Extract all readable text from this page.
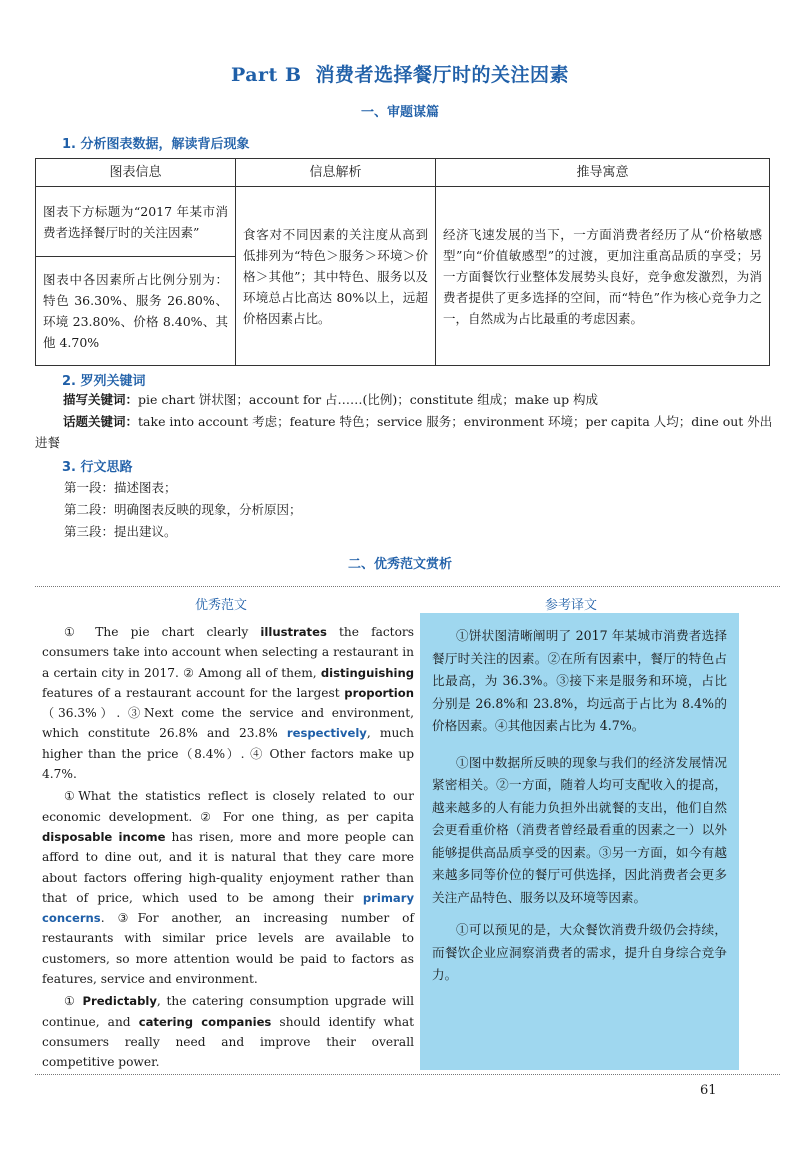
Part B 消费者选择餐厅时的关注因素
一、审题谋篇
1. 分析图表数据，解读背后现象
图表信息	信息解析	推导寓意
图表下方标题为“2017 年某市消费者选择餐厅时的关注因素”	食客对不同因素的关注度从高到低排列为“特色＞服务＞环境＞价格＞其他”；其中特色、服务以及环境总占比高达 80%以上，远超价格因素占比。	经济飞速发展的当下，一方面消费者经历了从“价格敏感型”向“价值敏感型”的过渡，更加注重高品质的享受；另一方面餐饮行业整体发展势头良好，竞争愈发激烈，为消费者提供了更多选择的空间，而“特色”作为核心竞争力之一，自然成为占比最重的考虑因素。
图表中各因素所占比例分别为：特色 36.30%、服务 26.80%、环境 23.80%、价格 8.40%、其他 4.70%		
2. 罗列关键词
描写关键词：pie chart 饼状图；account for 占……(比例)；constitute 组成；make up 构成
话题关键词：take into account 考虑；feature 特色；service 服务；environment 环境；per capita 人均；dine out 外出进餐
3. 行文思路
第一段：描述图表；
第二段：明确图表反映的现象，分析原因；
第三段：提出建议。
二、优秀范文赏析
优秀范文	参考译文

① The pie chart clearly illustrates the factors consumers take into account when selecting a restaurant in a certain city in 2017. ② Among all of them, distinguishing features of a restaurant account for the largest proportion（36.3%）. ③Next come the service and environment, which constitute 26.8% and 23.8% respectively, much higher than the price（8.4%）. ④ Other factors make up 4.7%.

①What the statistics reflect is closely related to our economic development. ② For one thing, as per capita disposable income has risen, more and more people can afford to dine out, and it is natural that they care more about factors offering high-quality enjoyment rather than that of price, which used to be among their primary concerns. ③For another, an increasing number of restaurants with similar price levels are available to customers, so more attention would be paid to factors as features, service and environment.

① Predictably, the catering consumption upgrade will continue, and catering companies should identify what consumers really need and improve their overall competitive power.

①饼状图清晰阐明了 2017 年某城市消费者选择餐厅时关注的因素。②在所有因素中，餐厅的特色占比最高，为 36.3%。③接下来是服务和环境，占比分别是 26.8%和 23.8%，均远高于占比为 8.4%的价格因素。④其他因素占比为 4.7%。

①图中数据所反映的现象与我们的经济发展情况紧密相关。②一方面，随着人均可支配收入的提高，越来越多的人有能力负担外出就餐的支出，他们自然会更看重价格（消费者曾经最看重的因素之一）以外能够提供高品质享受的因素。③另一方面，如今有越来越多同等价位的餐厅可供选择，因此消费者会更多关注产品特色、服务以及环境等因素。

①可以预见的是，大众餐饮消费升级仍会持续，而餐饮企业应洞察消费者的需求，提升自身综合竞争力。

61
